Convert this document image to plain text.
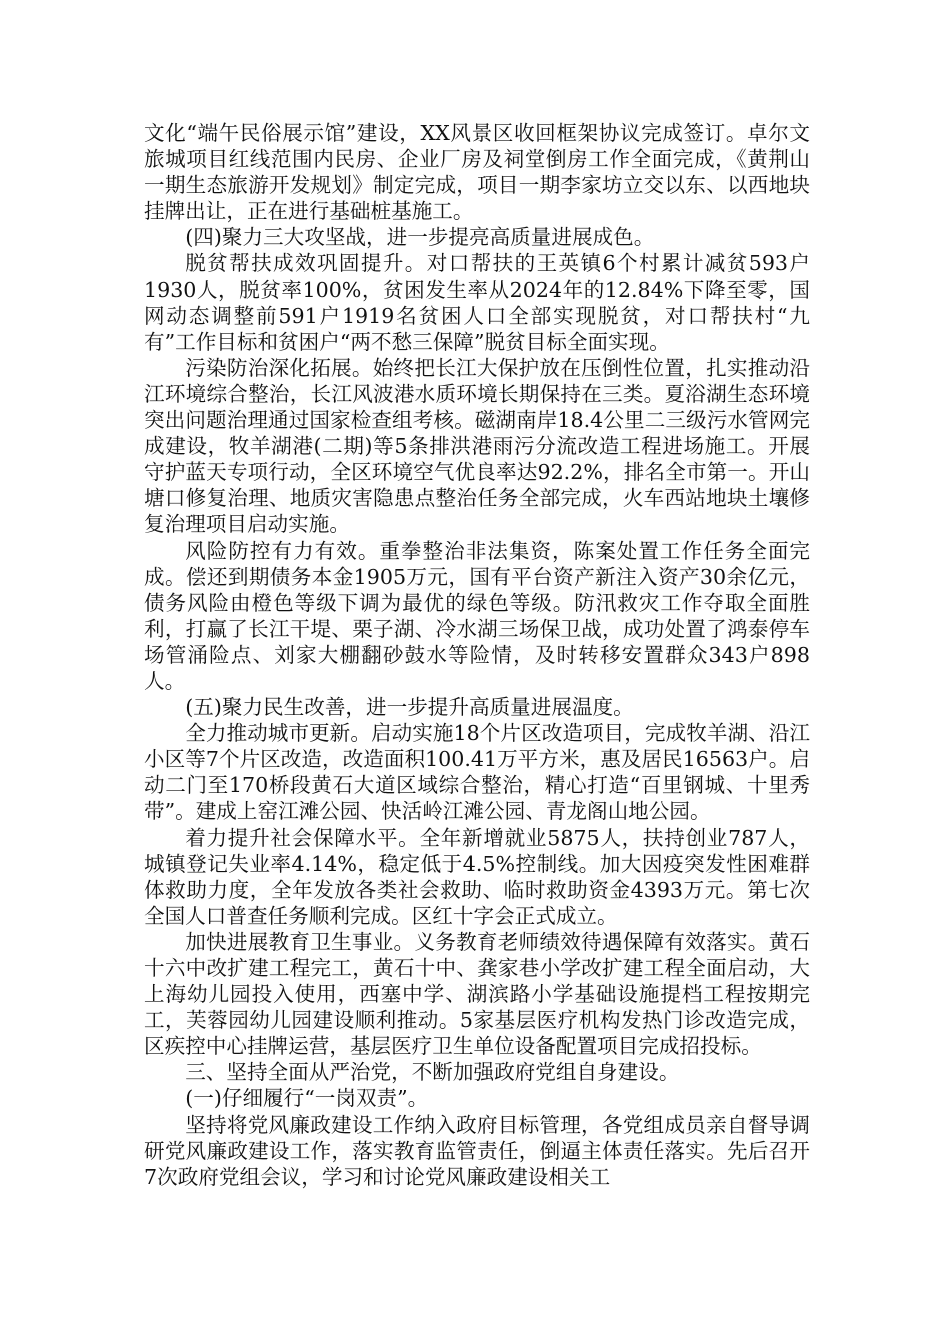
文化“端午民俗展示馆”建设，XX风景区收回框架协议完成签订。卓尔文旅城项目红线范围内民房、企业厂房及祠堂倒房工作全面完成，《黄荆山一期生态旅游开发规划》制定完成，项目一期李家坊立交以东、以西地块挂牌出让，正在进行基础桩基施工。

(四)聚力三大攻坚战，进一步提亮高质量进展成色。

脱贫帮扶成效巩固提升。对口帮扶的王英镇6个村累计减贫593户1930人，脱贫率100%，贫困发生率从2024年的12.84%下降至零，国网动态调整前591户1919名贫困人口全部实现脱贫，对口帮扶村“九有”工作目标和贫困户“两不愁三保障”脱贫目标全面实现。

污染防治深化拓展。始终把长江大保护放在压倒性位置，扎实推动沿江环境综合整治，长江风波港水质环境长期保持在三类。夏浴湖生态环境突出问题治理通过国家检查组考核。磁湖南岸18.4公里二三级污水管网完成建设，牧羊湖港(二期)等5条排洪港雨污分流改造工程进场施工。开展守护蓝天专项行动，全区环境空气优良率达92.2%，排名全市第一。开山塘口修复治理、地质灾害隐患点整治任务全部完成，火车西站地块土壤修复治理项目启动实施。

风险防控有力有效。重拳整治非法集资，陈案处置工作任务全面完成。偿还到期债务本金1905万元，国有平台资产新注入资产30余亿元，债务风险由橙色等级下调为最优的绿色等级。防汛救灾工作夺取全面胜利，打赢了长江干堤、栗子湖、冷水湖三场保卫战，成功处置了鸿泰停车场管涌险点、刘家大棚翻砂鼓水等险情，及时转移安置群众343户898人。

(五)聚力民生改善，进一步提升高质量进展温度。

全力推动城市更新。启动实施18个片区改造项目，完成牧羊湖、沿江小区等7个片区改造，改造面积100.41万平方米，惠及居民16563户。启动二门至170桥段黄石大道区域综合整治，精心打造“百里钢城、十里秀带”。建成上窑江滩公园、快活岭江滩公园、青龙阁山地公园。

着力提升社会保障水平。全年新增就业5875人，扶持创业787人，城镇登记失业率4.14%，稳定低于4.5%控制线。加大因疫突发性困难群体救助力度，全年发放各类社会救助、临时救助资金4393万元。第七次全国人口普查任务顺利完成。区红十字会正式成立。

加快进展教育卫生事业。义务教育老师绩效待遇保障有效落实。黄石十六中改扩建工程完工，黄石十中、龚家巷小学改扩建工程全面启动，大上海幼儿园投入使用，西塞中学、湖滨路小学基础设施提档工程按期完工，芙蓉园幼儿园建设顺利推动。5家基层医疗机构发热门诊改造完成，区疾控中心挂牌运营，基层医疗卫生单位设备配置项目完成招投标。

三、坚持全面从严治党，不断加强政府党组自身建设。

(一)仔细履行“一岗双责”。

坚持将党风廉政建设工作纳入政府目标管理，各党组成员亲自督导调研党风廉政建设工作，落实教育监管责任，倒逼主体责任落实。先后召开7次政府党组会议，学习和讨论党风廉政建设相关工
